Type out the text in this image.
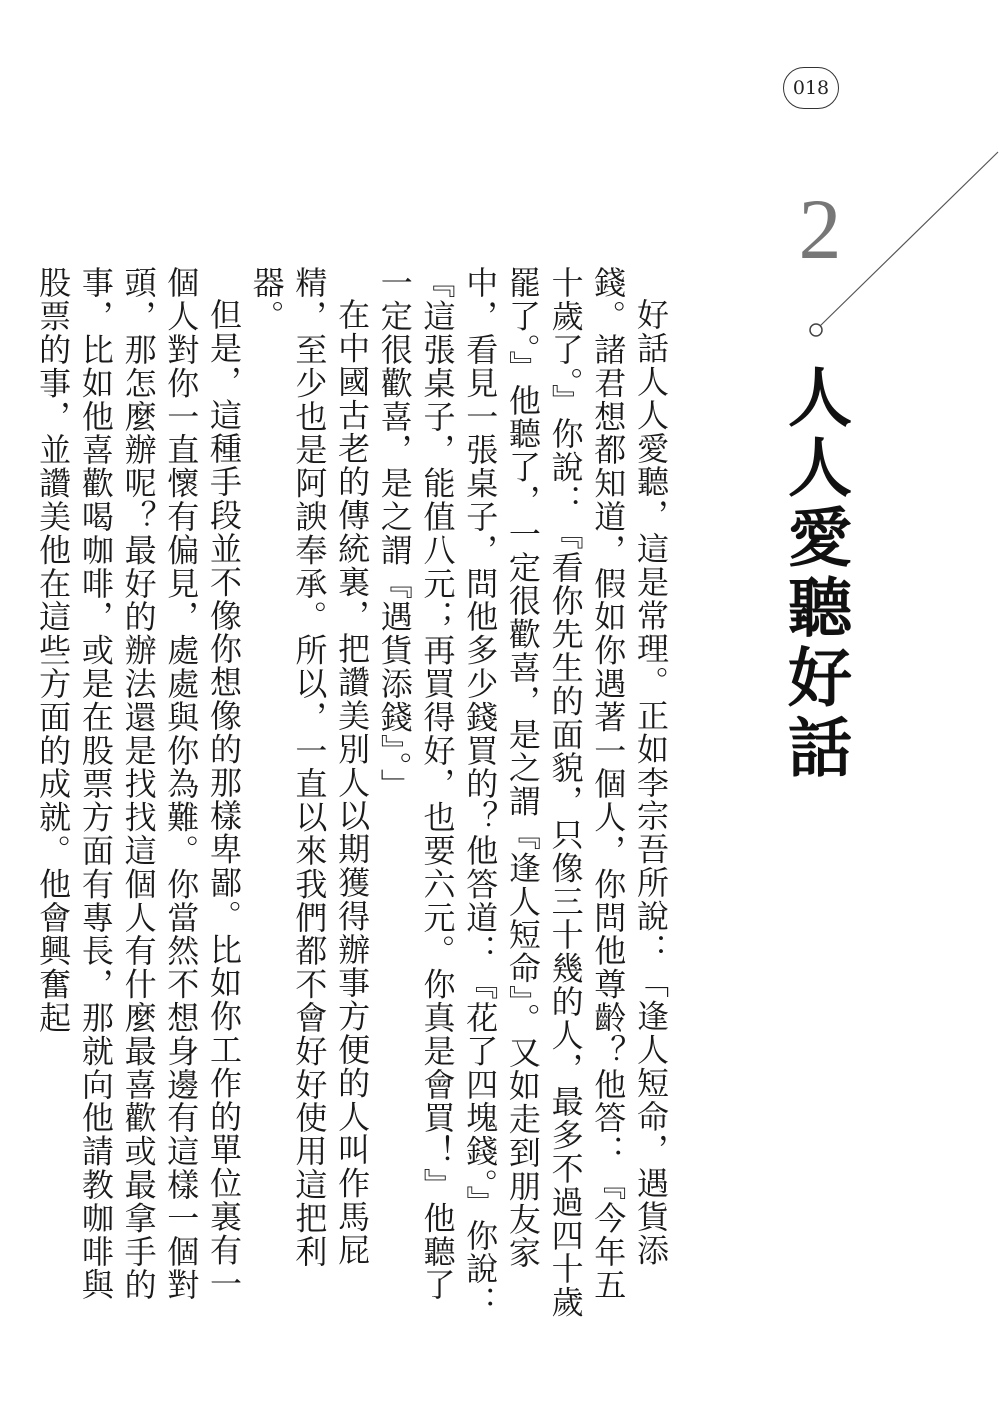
018
2
人人愛聽好話

好話人人愛聽，這是常理。正如李宗吾所說：「逢人短命，遇貨添錢。諸君想都知道，假如你遇著一個人，你問他尊齡？他答：『今年五十歲了。』你說：『看你先生的面貌，只像三十幾的人，最多不過四十歲罷了。』他聽了，一定很歡喜，是之謂『逢人短命』。又如走到朋友家中，看見一張桌子，問他多少錢買的？他答道：『花了四塊錢。』你說：『這張桌子，能值八元；再買得好，也要六元。你真是會買！』他聽了一定很歡喜，是之謂『遇貨添錢』。」

在中國古老的傳統裏，把讚美別人以期獲得辦事方便的人叫作馬屁精，至少也是阿諛奉承。所以，一直以來我們都不會好好使用這把利器。

但是，這種手段並不像你想像的那樣卑鄙。比如你工作的單位裏有一個人對你一直懷有偏見，處處與你為難。你當然不想身邊有這樣一個對頭，那怎麼辦呢？最好的辦法還是找找這個人有什麼最喜歡或最拿手的事，比如他喜歡喝咖啡，或是在股票方面有專長，那就向他請教咖啡與股票的事，並讚美他在這些方面的成就。他會興奮起
